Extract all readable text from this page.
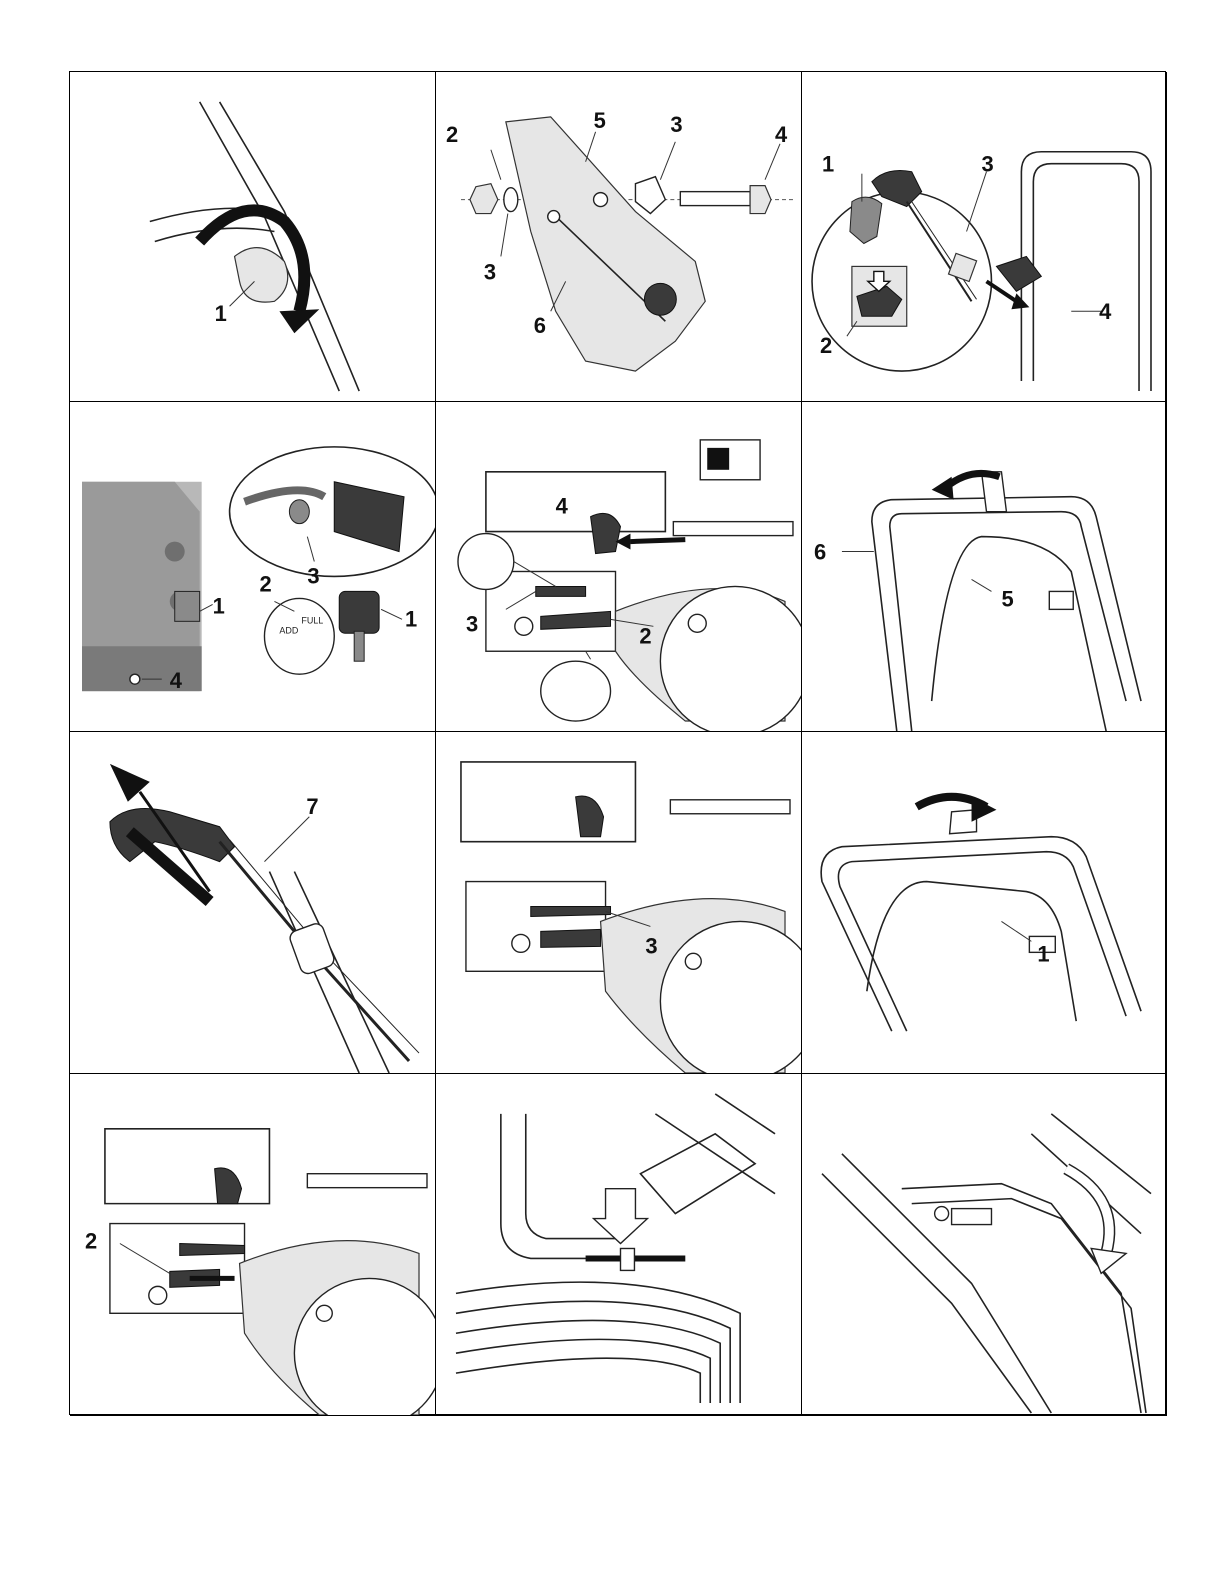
1
2
5	3	4
3
6
1	3
2
4
ADD
FULL
3
2
1
1
4
4
3	2
6
5
7
3	1
2
